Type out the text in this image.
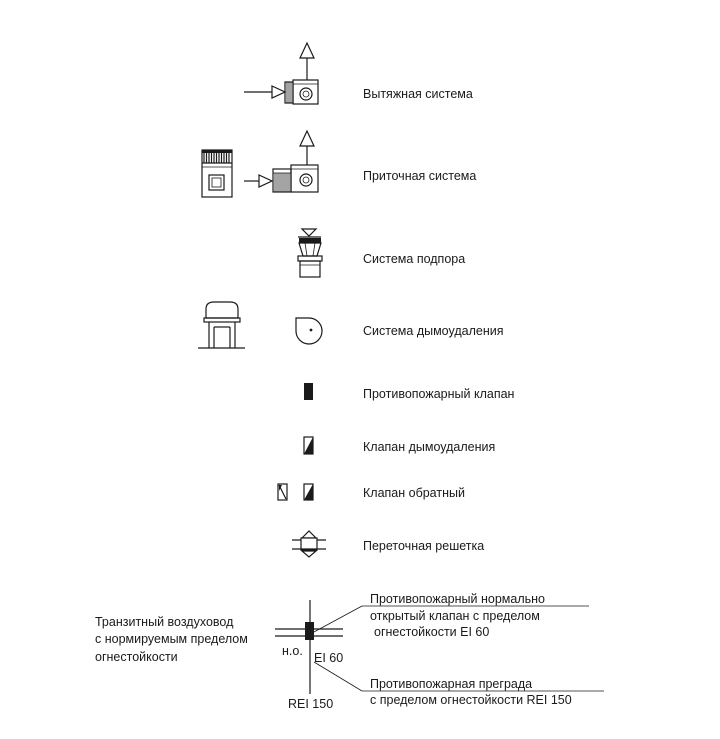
Вытяжная система
Приточная система
Система подпора
Система дымоудаления
Противопожарный клапан
Клапан дымоудаления
Клапан обратный
Переточная решетка
Транзитный воздуховод
с нормируемым пределом
огнестойкости	н.о. EI 60
REI 150
Противопожарный нормально
открытый клапан с пределом
огнестойкости EI 60
Противопожарная преграда
с пределом огнестойкости REI 150
